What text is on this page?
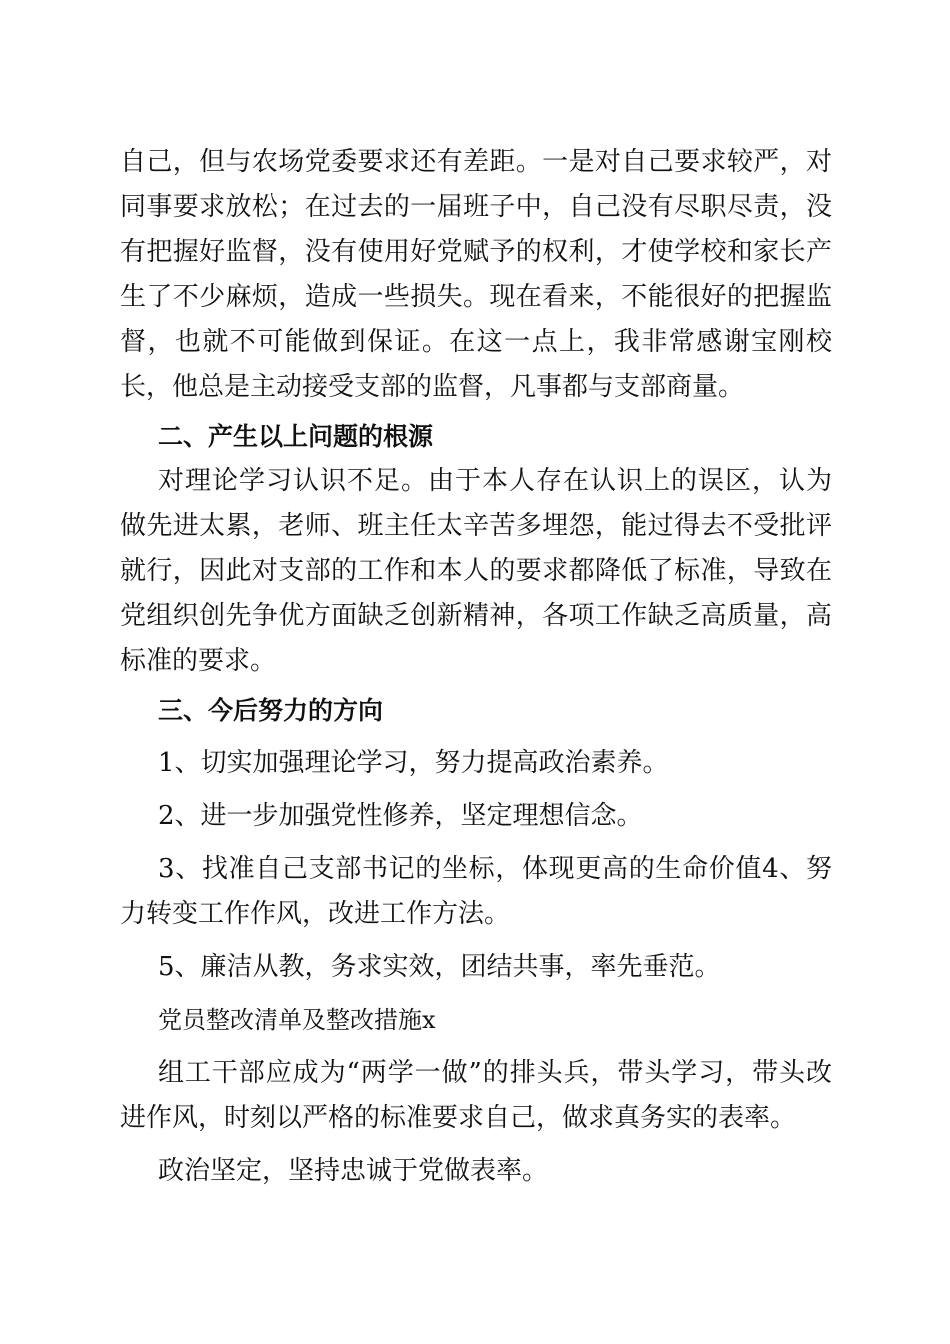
自己，但与农场党委要求还有差距。一是对自己要求较严，对同事要求放松；在过去的一届班子中，自己没有尽职尽责，没有把握好监督，没有使用好党赋予的权利，才使学校和家长产生了不少麻烦，造成一些损失。现在看来，不能很好的把握监督，也就不可能做到保证。在这一点上，我非常感谢宝刚校长，他总是主动接受支部的监督，凡事都与支部商量。

二、产生以上问题的根源

对理论学习认识不足。由于本人存在认识上的误区，认为做先进太累，老师、班主任太辛苦多埋怨，能过得去不受批评就行，因此对支部的工作和本人的要求都降低了标准，导致在党组织创先争优方面缺乏创新精神，各项工作缺乏高质量，高标准的要求。

三、今后努力的方向

1、切实加强理论学习，努力提高政治素养。

2、进一步加强党性修养，坚定理想信念。

3、找准自己支部书记的坐标，体现更高的生命价值4、努力转变工作作风，改进工作方法。

5、廉洁从教，务求实效，团结共事，率先垂范。

党员整改清单及整改措施x

组工干部应成为“两学一做”的排头兵，带头学习，带头改进作风，时刻以严格的标准要求自己，做求真务实的表率。

政治坚定，坚持忠诚于党做表率。
